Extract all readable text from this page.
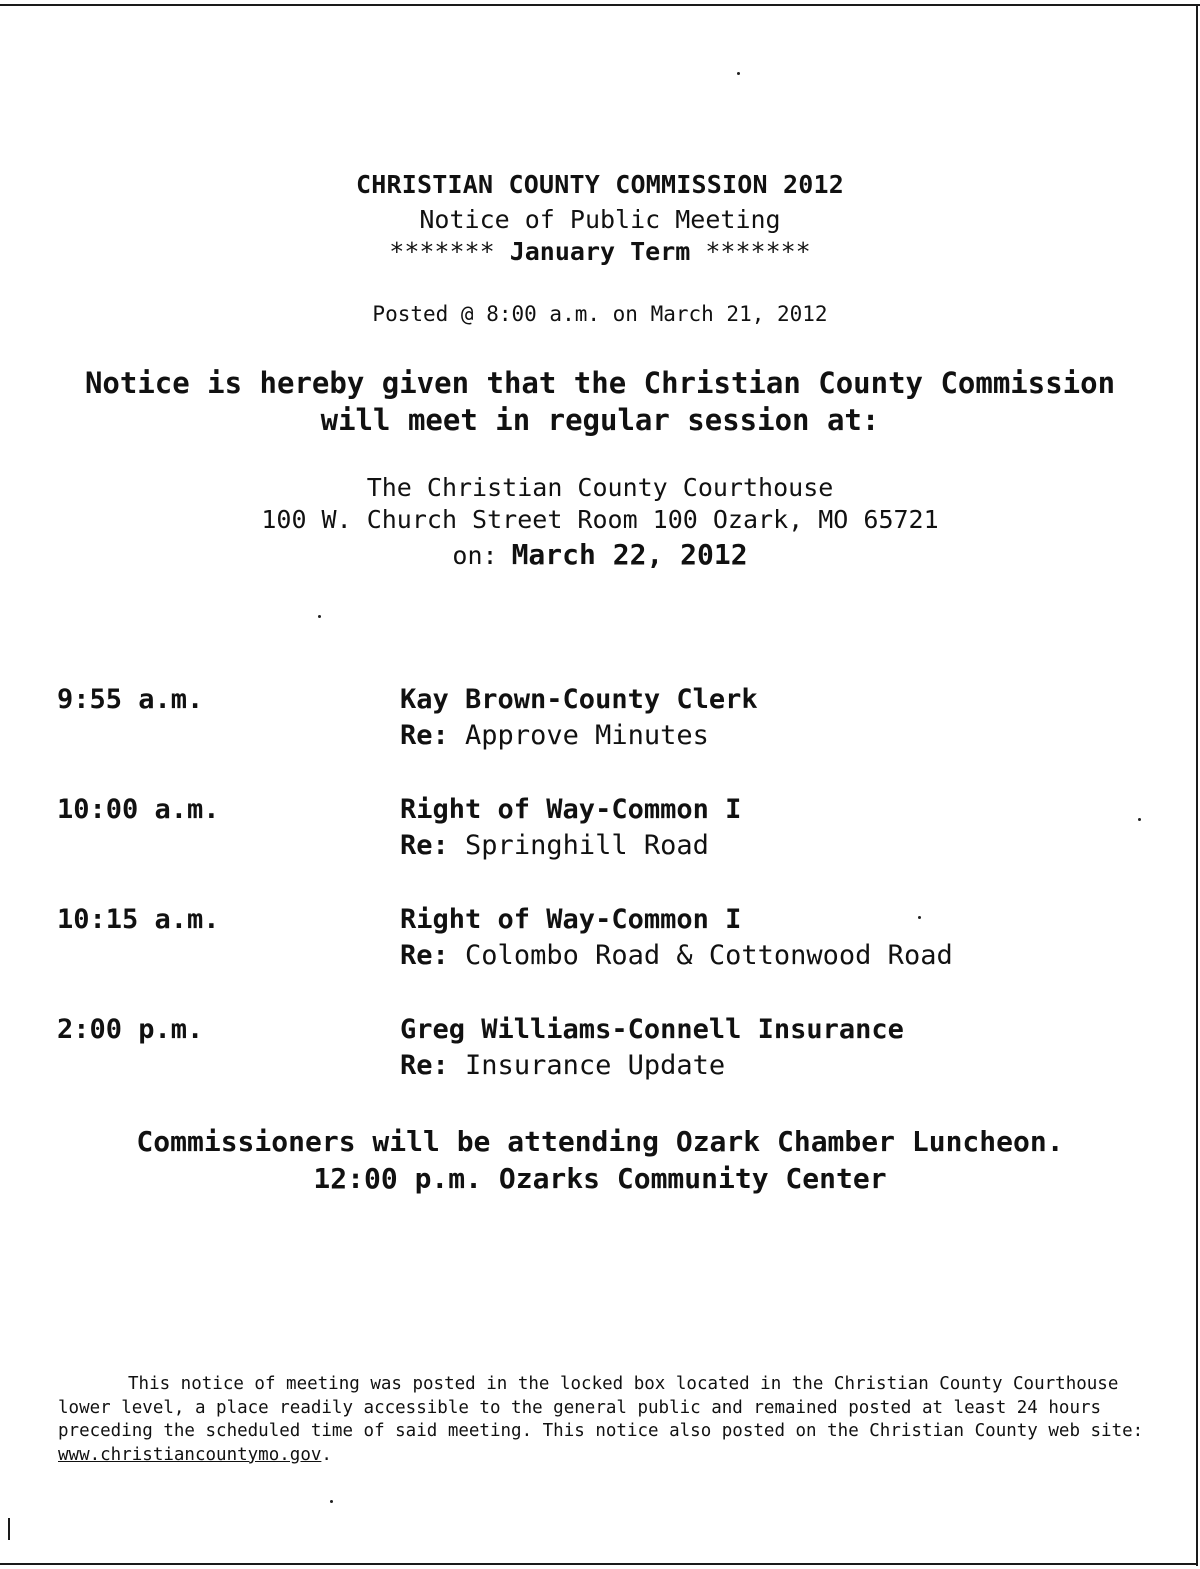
CHRISTIAN COUNTY COMMISSION 2012
Notice of Public Meeting
******* January Term *******
Posted @ 8:00 a.m. on March 21, 2012
Notice is hereby given that the Christian County Commission
will meet in regular session at:
The Christian County Courthouse
100 W. Church Street Room 100 Ozark, MO 65721
on: March 22, 2012
9:55 a.m.	Kay Brown-County Clerk
Re: Approve Minutes
10:00 a.m.	Right of Way-Common I
Re: Springhill Road
10:15 a.m.	Right of Way-Common I
Re: Colombo Road & Cottonwood Road
2:00 p.m.	Greg Williams-Connell Insurance
Re: Insurance Update
Commissioners will be attending Ozark Chamber Luncheon.
12:00 p.m. Ozarks Community Center

This notice of meeting was posted in the locked box located in the Christian County Courthouse lower level, a place readily accessible to the general public and remained posted at least 24 hours preceding the scheduled time of said meeting. This notice also posted on the Christian County web site: www.christiancountymo.gov.
